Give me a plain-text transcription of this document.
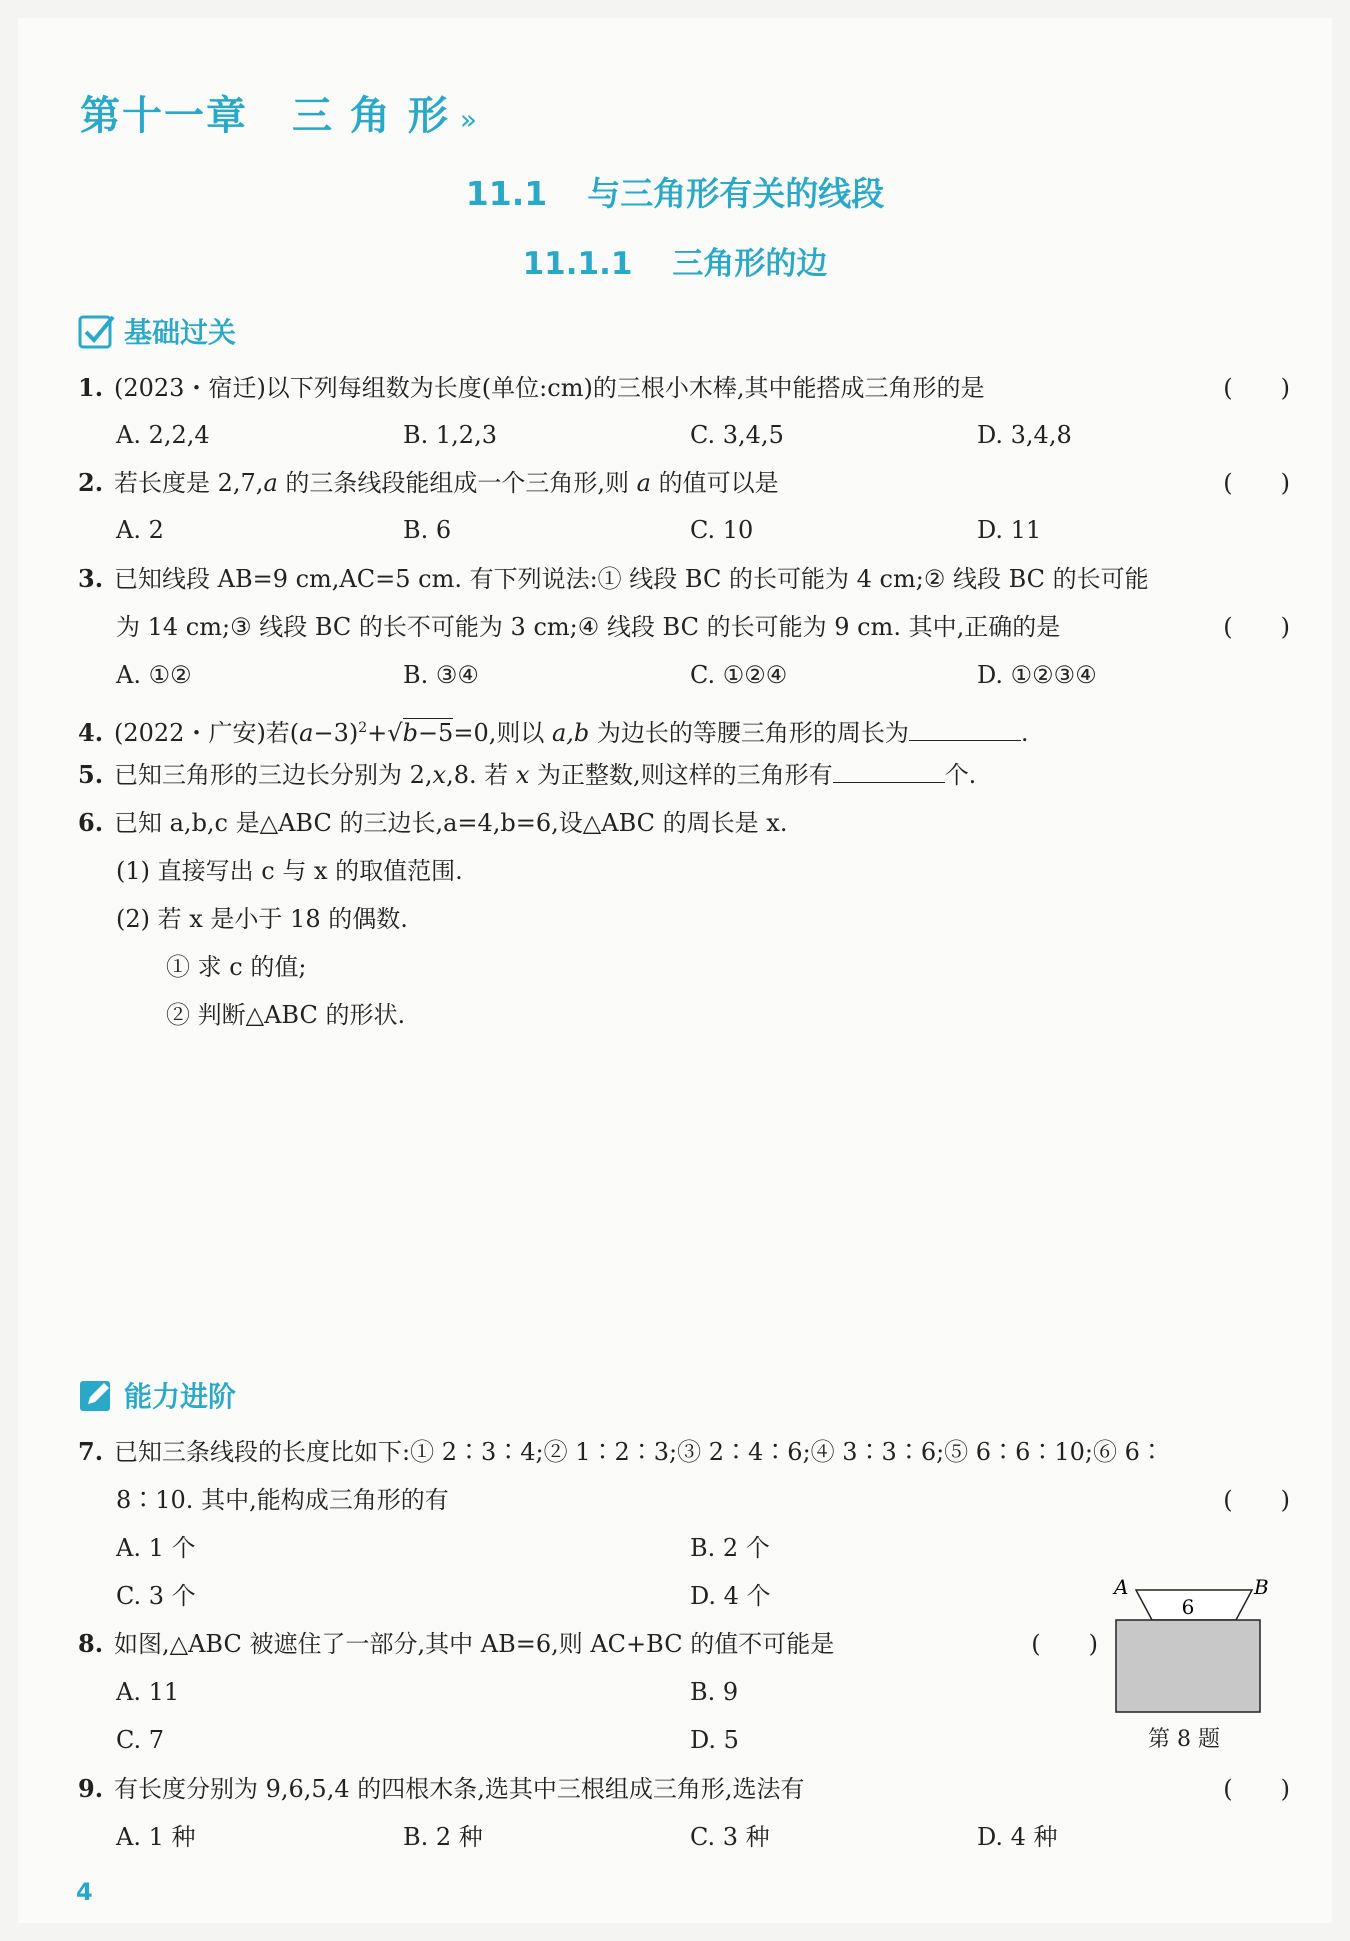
第十一章 三 角 形 »
11.1 与三角形有关的线段
11.1.1 三角形的边
基础过关
1. (2023・宿迁)以下列每组数为长度(单位:cm)的三根小木棒,其中能搭成三角形的是	(　　)
A. 2,2,4	B. 1,2,3	C. 3,4,5	D. 3,4,8
2. 若长度是 2,7,a 的三条线段能组成一个三角形,则 a 的值可以是	(　　)
A. 2	B. 6	C. 10	D. 11
3. 已知线段 AB=9 cm,AC=5 cm. 有下列说法:① 线段 BC 的长可能为 4 cm;② 线段 BC 的长可能
为 14 cm;③ 线段 BC 的长不可能为 3 cm;④ 线段 BC 的长可能为 9 cm. 其中,正确的是	(　　)
A. ①②	B. ③④	C. ①②④	D. ①②③④
4. (2022・广安)若$(a-3)^2+√b-5=0$,则以 a,b 为边长的等腰三角形的周长为	.
5. 已知三角形的三边长分别为 2,x,8. 若 x 为正整数,则这样的三角形有	个.
6. 已知 a,b,c 是△ABC 的三边长,a=4,b=6,设△ABC 的周长是 x.
(1) 直接写出 c 与 x 的取值范围.
(2) 若 x 是小于 18 的偶数.
① 求 c 的值;
② 判断△ABC 的形状.
能力进阶
7. 已知三条线段的长度比如下:① 2∶3∶4;② 1∶2∶3;③ 2∶4∶6;④ 3∶3∶6;⑤ 6∶6∶10;⑥ 6∶
8∶10. 其中,能构成三角形的有	(　　)
A. 1 个	B. 2 个
C. 3 个	D. 4 个
8. 如图,△ABC 被遮住了一部分,其中 AB=6,则 AC+BC 的值不可能是	(　　)
A. 11	B. 9
C. 7	D. 5
A	B
6
第 8 题
9. 有长度分别为 9,6,5,4 的四根木条,选其中三根组成三角形,选法有	(　　)
A. 1 种	B. 2 种	C. 3 种	D. 4 种
4
